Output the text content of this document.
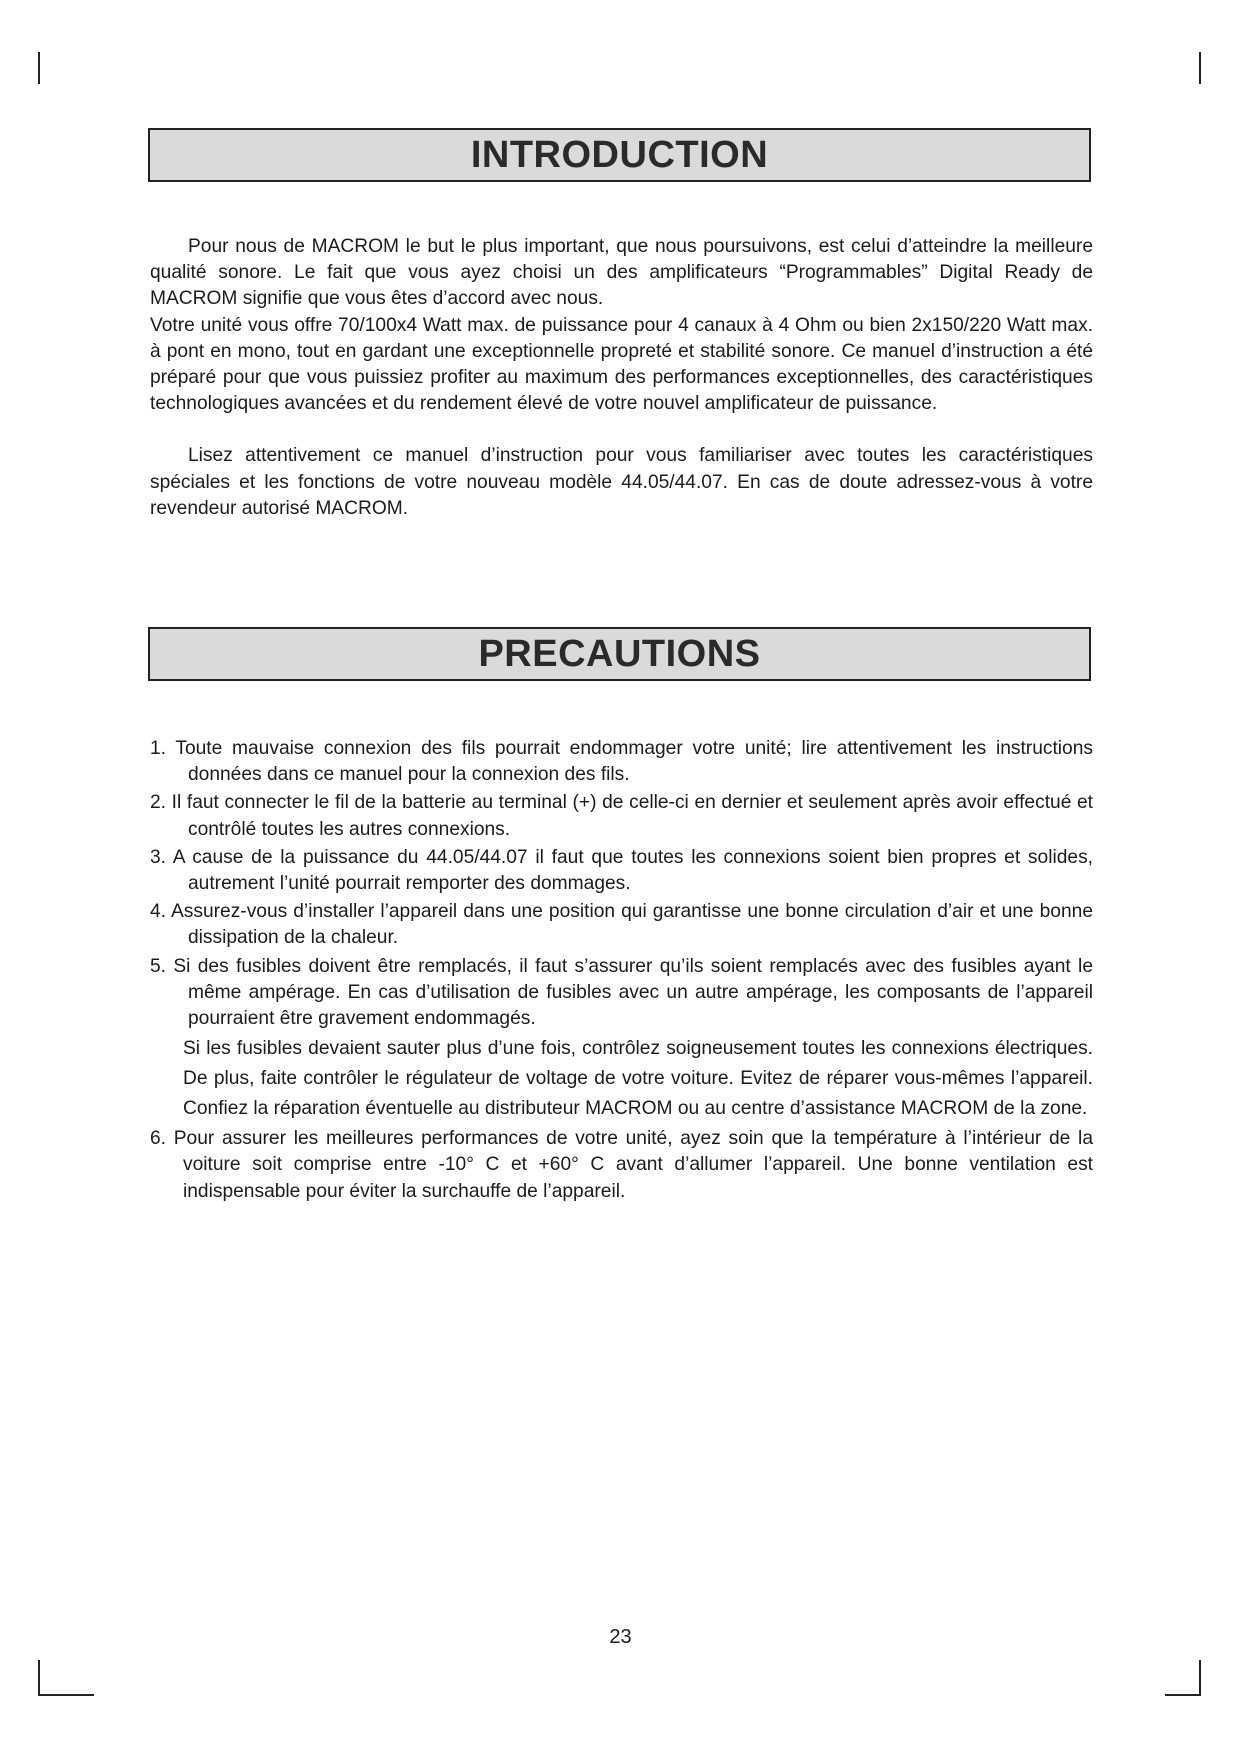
INTRODUCTION

Pour nous de MACROM le but le plus important, que nous poursuivons, est celui d’atteindre la meilleure qualité sonore. Le fait que vous ayez choisi un des amplificateurs “Programmables” Digital Ready de MACROM signifie que vous êtes d’accord avec nous.

Votre unité vous offre 70/100x4 Watt max. de puissance pour 4 canaux à 4 Ohm ou bien 2x150/220 Watt max. à pont en mono, tout en gardant une exceptionnelle propreté et stabilité sonore. Ce manuel d’instruction a été préparé pour que vous puissiez profiter au maximum des performances exceptionnelles, des caractéristiques technologiques avancées et du rendement élevé de votre nouvel amplificateur de puissance.

Lisez attentivement ce manuel d’instruction pour vous familiariser avec toutes les caractéristiques spéciales et les fonctions de votre nouveau modèle 44.05/44.07. En cas de doute adressez-vous à votre revendeur autorisé MACROM.

PRECAUTIONS
1. Toute mauvaise connexion des fils pourrait endommager votre unité; lire attentivement les instructions données dans ce manuel pour la connexion des fils.
2. Il faut connecter le fil de la batterie au terminal (+) de celle-ci en dernier et seulement après avoir effectué et contrôlé toutes les autres connexions.
3. A cause de la puissance du 44.05/44.07 il faut que toutes les connexions soient bien propres et solides, autrement l’unité pourrait remporter des dommages.
4. Assurez-vous d’installer l’appareil dans une position qui garantisse une bonne circulation d’air et une bonne dissipation de la chaleur.
5. Si des fusibles doivent être remplacés, il faut s’assurer qu’ils soient remplacés avec des fusibles ayant le même ampérage. En cas d’utilisation de fusibles avec un autre ampérage, les composants de l’appareil pourraient être gravement endommagés.
Si les fusibles devaient sauter plus d’une fois, contrôlez soigneusement toutes les connexions électriques. De plus, faite contrôler le régulateur de voltage de votre voiture. Evitez de réparer vous-mêmes l’appareil. Confiez la réparation éventuelle au distributeur MACROM ou au centre d’assistance MACROM de la zone.
6. Pour assurer les meilleures performances de votre unité, ayez soin que la température à l’intérieur de la voiture soit comprise entre -10° C et +60° C avant d’allumer l’appareil. Une bonne ventilation est indispensable pour éviter la surchauffe de l’appareil.
23
